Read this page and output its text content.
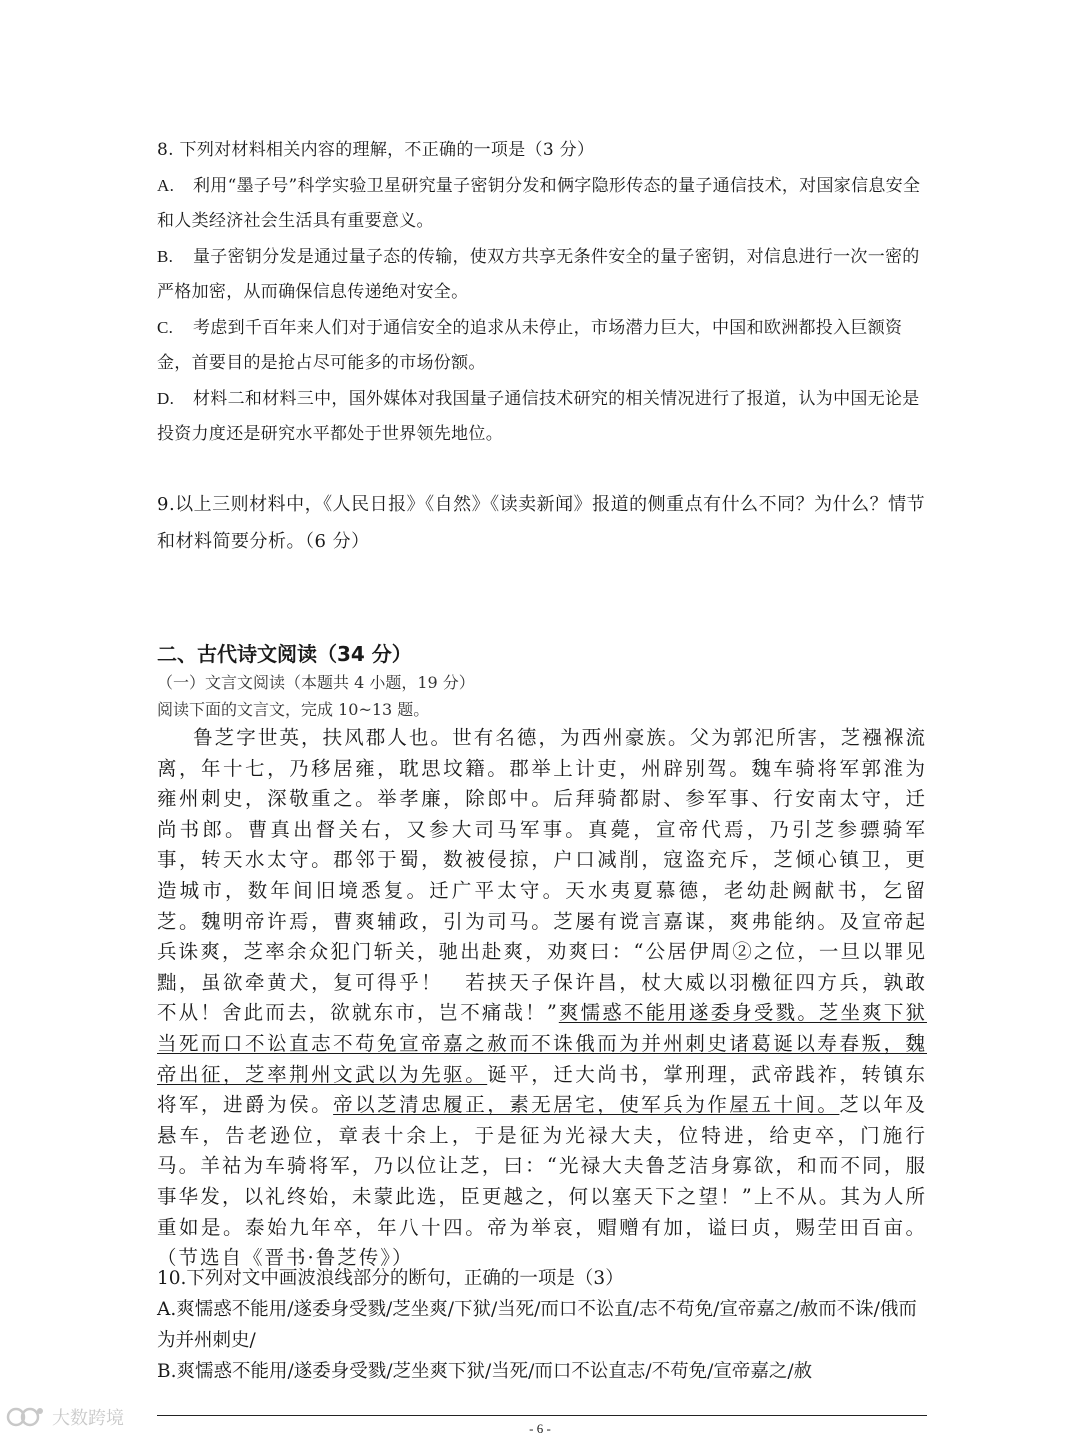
8. 下列对材料相关内容的理解，不正确的一项是（3 分）

A. 利用“墨子号”科学实验卫星研究量子密钥分发和俩字隐形传态的量子通信技术，对国家信息安全和人类经济社会生活具有重要意义。

B. 量子密钥分发是通过量子态的传输，使双方共享无条件安全的量子密钥，对信息进行一次一密的严格加密，从而确保信息传递绝对安全。

C. 考虑到千百年来人们对于通信安全的追求从未停止，市场潜力巨大，中国和欧洲都投入巨额资金，首要目的是抢占尽可能多的市场份额。

D. 材料二和材料三中，国外媒体对我国量子通信技术研究的相关情况进行了报道，认为中国无论是投资力度还是研究水平都处于世界领先地位。

9.以上三则材料中，《人民日报》《自然》《读卖新闻》报道的侧重点有什么不同？为什么？情节和材料简要分析。（6 分）

二、古代诗文阅读（34 分）

（一）文言文阅读（本题共 4 小题，19 分）

阅读下面的文言文，完成 10~13 题。

鲁芝字世英，扶风郡人也。世有名德，为西州豪族。父为郭汜所害，芝襁褓流离，年十七，乃移居雍，耽思坟籍。郡举上计吏，州辟别驾。魏车骑将军郭淮为雍州刺史，深敬重之。举孝廉，除郎中。后拜骑都尉、参军事、行安南太守，迁尚书郎。曹真出督关右，又参大司马军事。真薨，宣帝代焉，乃引芝参骠骑军事，转天水太守。郡邻于蜀，数被侵掠，户口减削，寇盗充斥，芝倾心镇卫，更造城市，数年间旧境悉复。迁广平太守。天水夷夏慕德，老幼赴阙献书，乞留芝。魏明帝许焉，曹爽辅政，引为司马。芝屡有谠言嘉谋，爽弗能纳。及宣帝起兵诛爽，芝率余众犯门斩关，驰出赴爽，劝爽曰：“公居伊周②之位，一旦以罪见黜，虽欲牵黄犬，复可得乎！　若挟天子保许昌，杖大威以羽檄征四方兵，孰敢不从！舍此而去，欲就东市，岂不痛哉！”爽懦惑不能用遂委身受戮。芝坐爽下狱当死而口不讼直志不苟免宣帝嘉之赦而不诛俄而为并州刺史诸葛诞以寿春叛，魏帝出征，芝率荆州文武以为先驱。诞平，迁大尚书，掌刑理，武帝践祚，转镇东将军，进爵为侯。帝以芝清忠履正，素无居宅，使军兵为作屋五十间。芝以年及悬车，告老逊位，章表十余上，于是征为光禄大夫，位特进，给吏卒，门施行马。羊祜为车骑将军，乃以位让芝，曰：“光禄大夫鲁芝洁身寡欲，和而不同，服事华发，以礼终始，未蒙此选，臣更越之，何以塞天下之望！”上不从。其为人所重如是。泰始九年卒，年八十四。帝为举哀，赗赠有加，谥曰贞，赐茔田百亩。（节选自《晋书·鲁芝传》）

10.下列对文中画波浪线部分的断句，正确的一项是（3）

A.爽懦惑不能用/遂委身受戮/芝坐爽/下狱/当死/而口不讼直/志不苟免/宣帝嘉之/赦而不诛/俄而为并州刺史/

B.爽懦惑不能用/遂委身受戮/芝坐爽下狱/当死/而口不讼直志/不苟免/宣帝嘉之/赦

- 6 -
大数跨境
